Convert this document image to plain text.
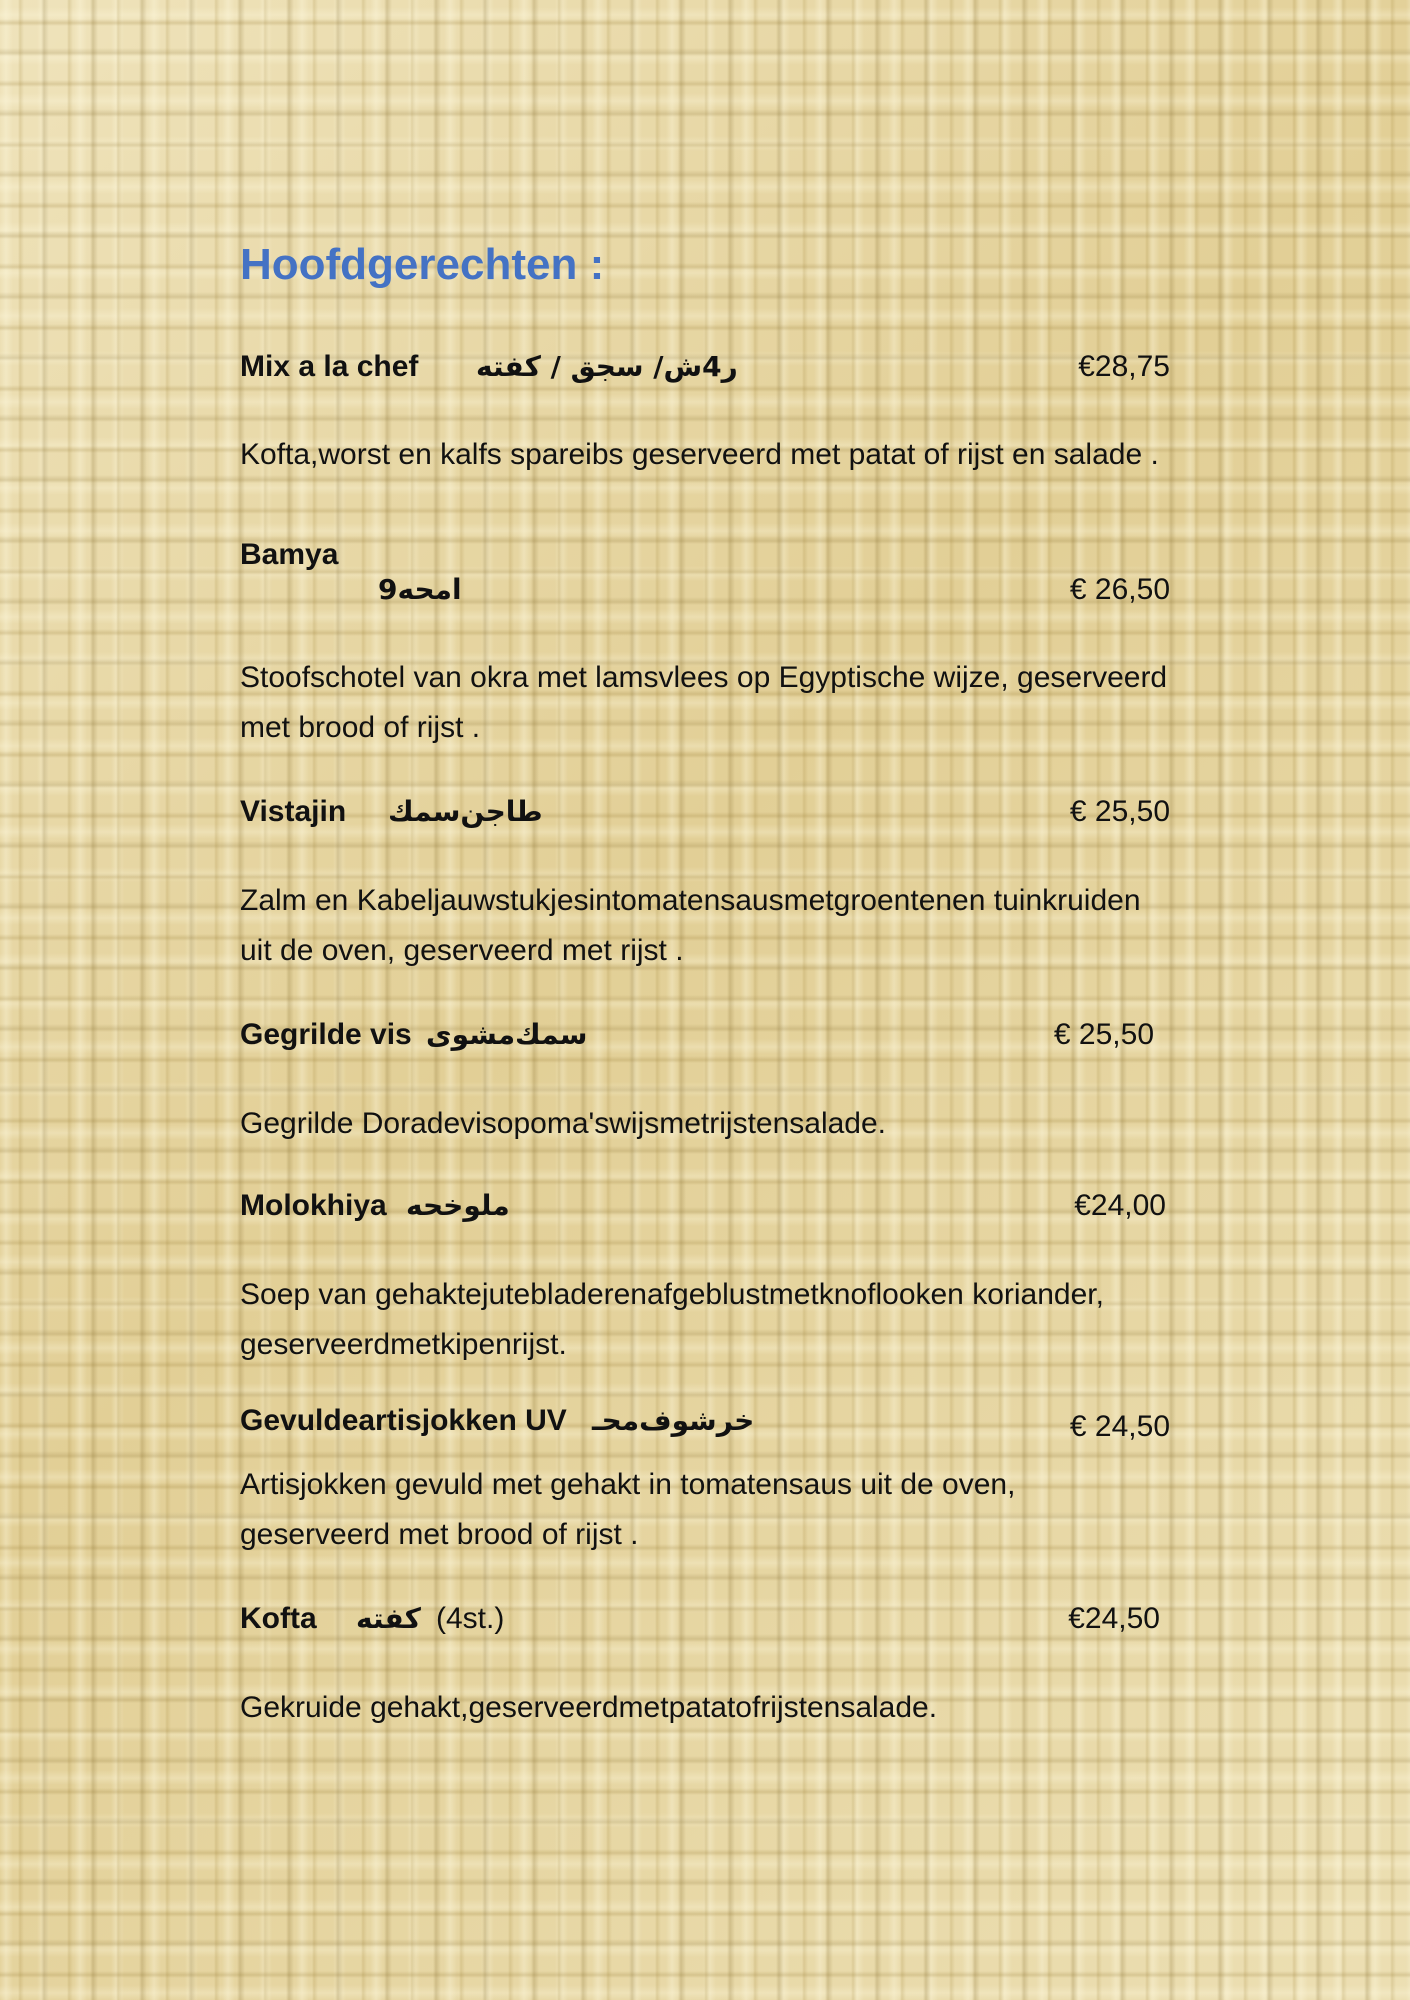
Hoofdgerechten :
Mix a la chef ر4ش/ سجق / كفته	€28,75

Kofta,worst en kalfs spareibs geserveerd met patat of rijst en salade .

Bamya
امحه9	€ 26,50

Stoofschotel van okra met lamsvlees op Egyptische wijze, geserveerd met brood of rijst .

Vistajin طاجن‌سمك	€ 25,50

Zalm en Kabeljauwstukjesintomatensausmetgroentenen tuinkruiden uit de oven, geserveerd met rijst .

Gegrilde vis سمك‌مشوى	€ 25,50

Gegrilde Doradevisopoma'swijsmetrijstensalade.

Molokhiya ملوخحه	€24,00

Soep van gehaktejutebladerenafgeblustmetknoflooken koriander, geserveerdmetkipenrijst.

Gevuldeartisjokken UV خرشوف‌محـ	€ 24,50

Artisjokken gevuld met gehakt in tomatensaus uit de oven, geserveerd met brood of rijst .

Kofta كفته (4st.)	€24,50

Gekruide gehakt,geserveerdmetpatatofrijstensalade.
